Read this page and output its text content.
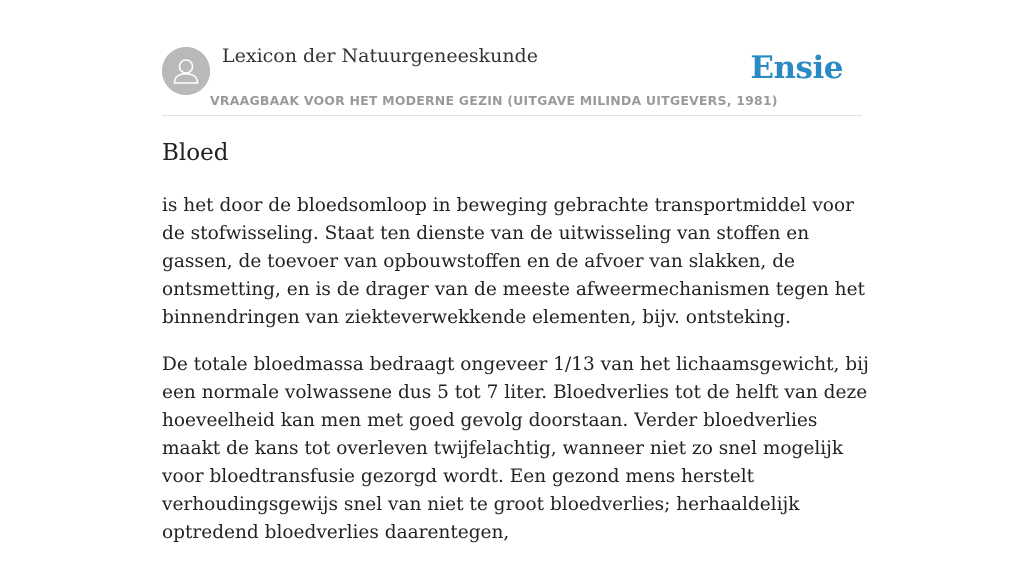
Lexicon der Natuurgeneeskunde
VRAAGBAAK VOOR HET MODERNE GEZIN (UITGAVE MILINDA UITGEVERS, 1981)
Ensie
Bloed

is het door de bloedsomloop in beweging gebrachte transportmiddel voor de stofwisseling. Staat ten dienste van de uitwisseling van stoffen en gassen, de toevoer van opbouwstoffen en de afvoer van slakken, de ontsmetting, en is de drager van de meeste afweermechanismen tegen het binnendringen van ziekteverwekkende elementen, bijv. ontsteking.

De totale bloedmassa bedraagt ongeveer 1/13 van het lichaamsgewicht, bij een normale volwassene dus 5 tot 7 liter. Bloedverlies tot de helft van deze hoeveelheid kan men met goed gevolg doorstaan. Verder bloedverlies maakt de kans tot overleven twijfelachtig, wanneer niet zo snel mogelijk voor bloedtransfusie gezorgd wordt. Een gezond mens herstelt verhoudingsgewijs snel van niet te groot bloedverlies; herhaaldelijk optredend bloedverlies daarentegen,
